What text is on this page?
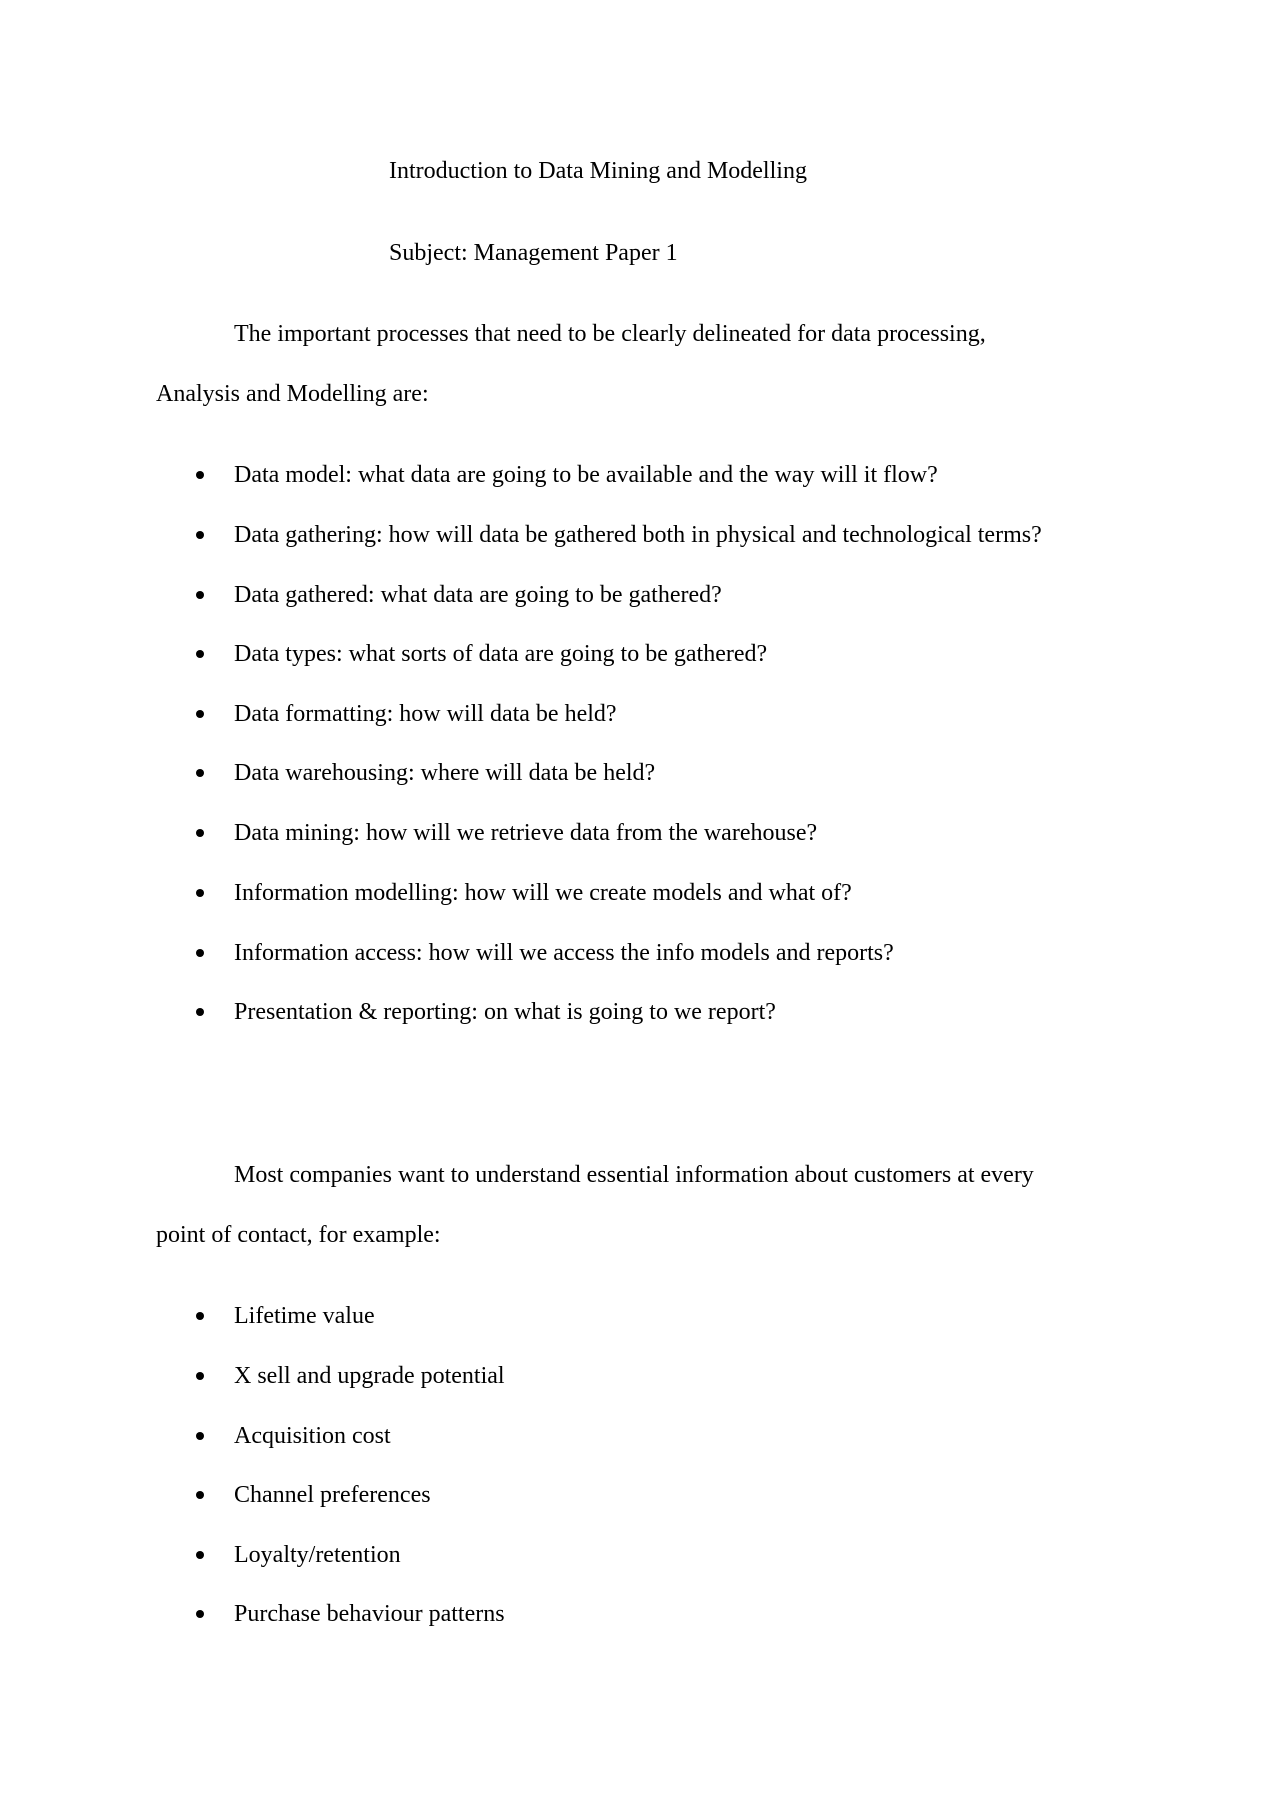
Introduction to Data Mining and Modelling

Subject: Management Paper 1

The important processes that need to be clearly delineated for data processing,

Analysis and Modelling are:

Data model: what data are going to be available and the way will it flow?
Data gathering: how will data be gathered both in physical and technological terms?
Data gathered: what data are going to be gathered?
Data types: what sorts of data are going to be gathered?
Data formatting: how will data be held?
Data warehousing: where will data be held?
Data mining: how will we retrieve data from the warehouse?
Information modelling: how will we create models and what of?
Information access: how will we access the info models and reports?
Presentation & reporting: on what is going to we report?

Most companies want to understand essential information about customers at every

point of contact, for example:

Lifetime value
X sell and upgrade potential
Acquisition cost
Channel preferences
Loyalty/retention
Purchase behaviour patterns
